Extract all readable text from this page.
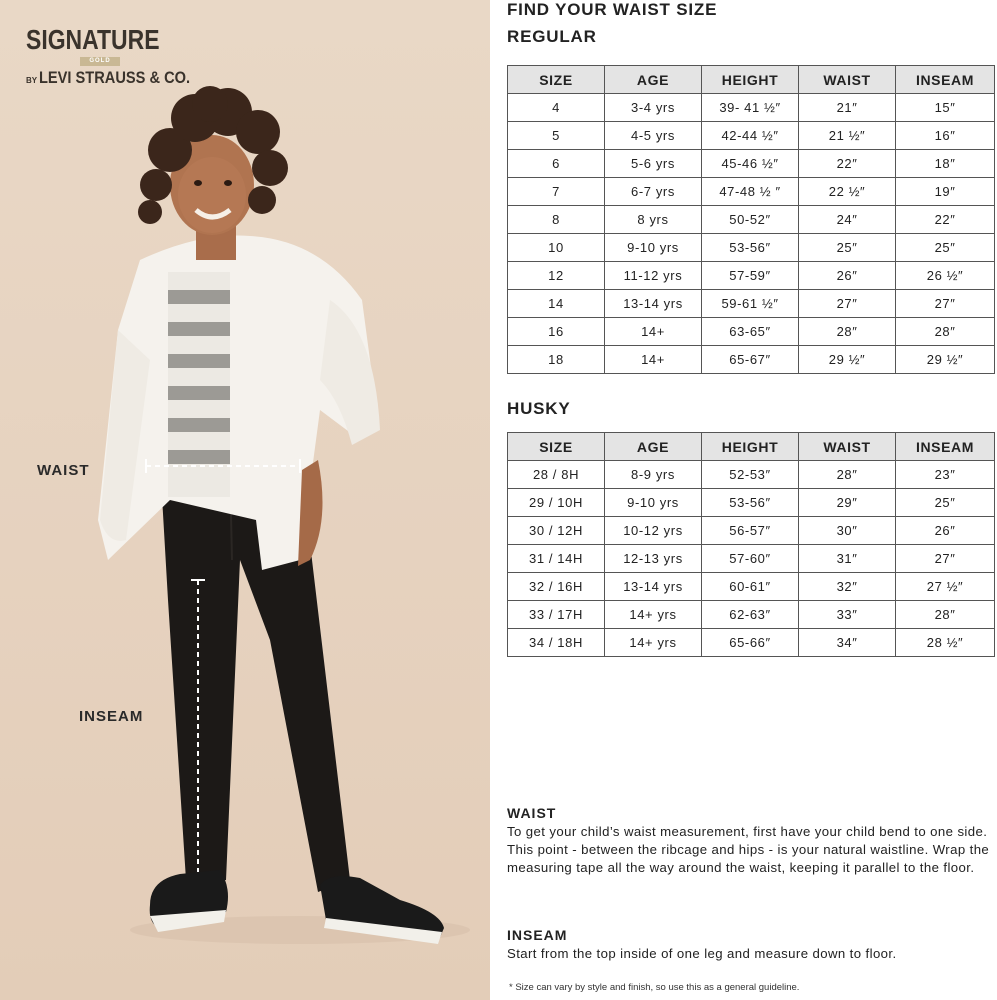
SIGNATURE
GOLD
BY LEVI STRAUSS & CO.
WAIST
INSEAM
FIND YOUR WAIST SIZE
REGULAR
SIZE	AGE	HEIGHT	WAIST	INSEAM
4	3-4 yrs	39- 41 ½″	21″	15″
5	4-5 yrs	42-44 ½″	21 ½″	16″
6	5-6 yrs	45-46 ½″	22″	18″
7	6-7 yrs	47-48 ½ ″	22 ½″	19″
8	8 yrs	50-52″	24″	22″
10	9-10 yrs	53-56″	25″	25″
12	11-12 yrs	57-59″	26″	26 ½″
14	13-14 yrs	59-61 ½″	27″	27″
16	14+	63-65″	28″	28″
18	14+	65-67″	29 ½″	29 ½″
HUSKY
SIZE	AGE	HEIGHT	WAIST	INSEAM
28 / 8H	8-9 yrs	52-53″	28″	23″
29 / 10H	9-10 yrs	53-56″	29″	25″
30 / 12H	10-12 yrs	56-57″	30″	26″
31 / 14H	12-13 yrs	57-60″	31″	27″
32 / 16H	13-14 yrs	60-61″	32″	27 ½″
33 / 17H	14+ yrs	62-63″	33″	28″
34 / 18H	14+ yrs	65-66″	34″	28 ½″
WAIST
To get your child’s waist measurement, first have your child bend to one side. This point - between the ribcage and hips - is your natural waistline. Wrap the measuring tape all the way around the waist, keeping it parallel to the floor.
INSEAM
Start from the top inside of one leg and measure down to floor.
* Size can vary by style and finish, so use this as a general guideline.
